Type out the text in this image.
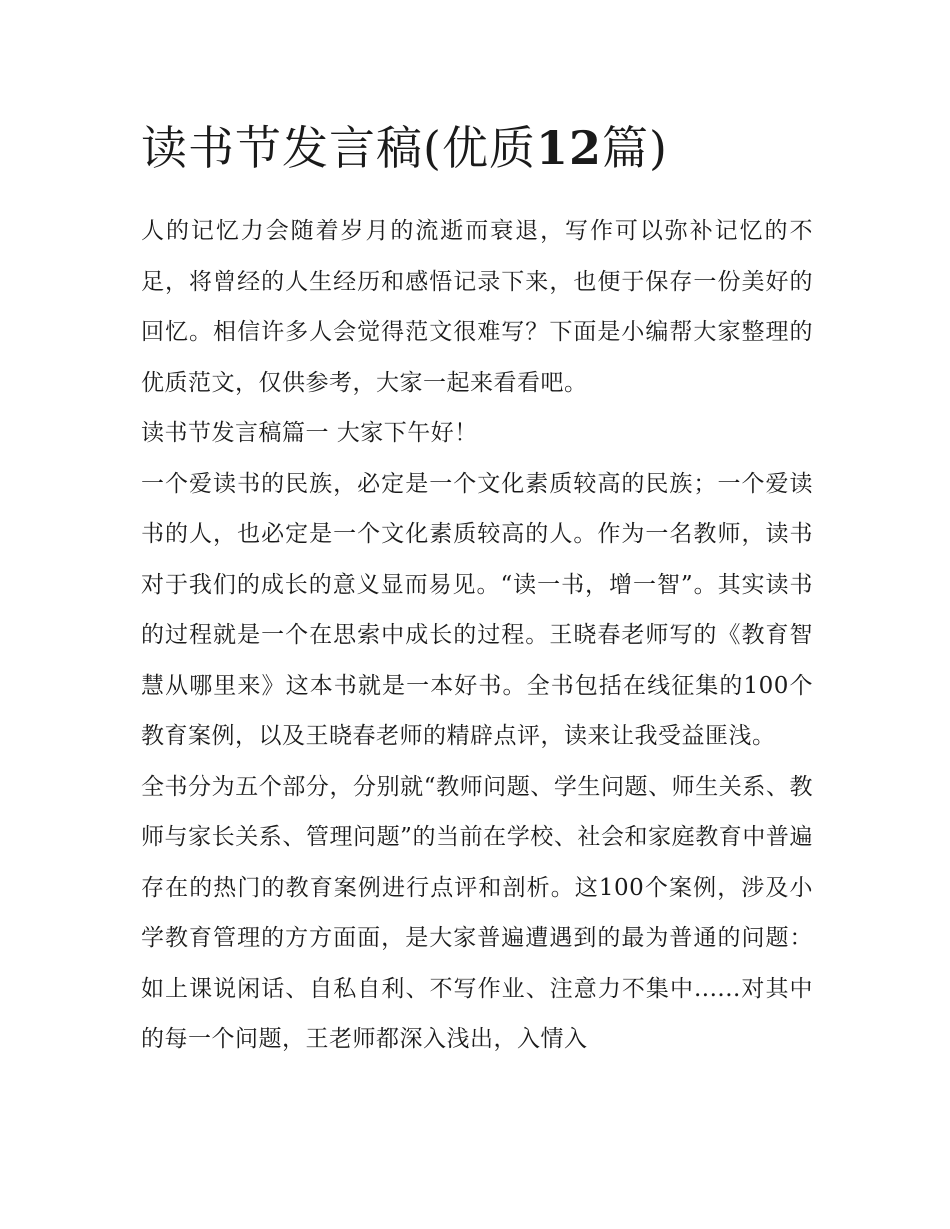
读书节发言稿(优质12篇)

人的记忆力会随着岁月的流逝而衰退，写作可以弥补记忆的不足，将曾经的人生经历和感悟记录下来，也便于保存一份美好的回忆。相信许多人会觉得范文很难写？下面是小编帮大家整理的优质范文，仅供参考，大家一起来看看吧。

读书节发言稿篇一 大家下午好！

一个爱读书的民族，必定是一个文化素质较高的民族；一个爱读书的人，也必定是一个文化素质较高的人。作为一名教师，读书对于我们的成长的意义显而易见。“读一书，增一智”。其实读书的过程就是一个在思索中成长的过程。王晓春老师写的《教育智慧从哪里来》这本书就是一本好书。全书包括在线征集的100个教育案例，以及王晓春老师的精辟点评，读来让我受益匪浅。

全书分为五个部分，分别就“教师问题、学生问题、师生关系、教师与家长关系、管理问题”的当前在学校、社会和家庭教育中普遍存在的热门的教育案例进行点评和剖析。这100个案例，涉及小学教育管理的方方面面，是大家普遍遭遇到的最为普通的问题：如上课说闲话、自私自利、不写作业、注意力不集中......对其中的每一个问题，王老师都深入浅出，入情入
